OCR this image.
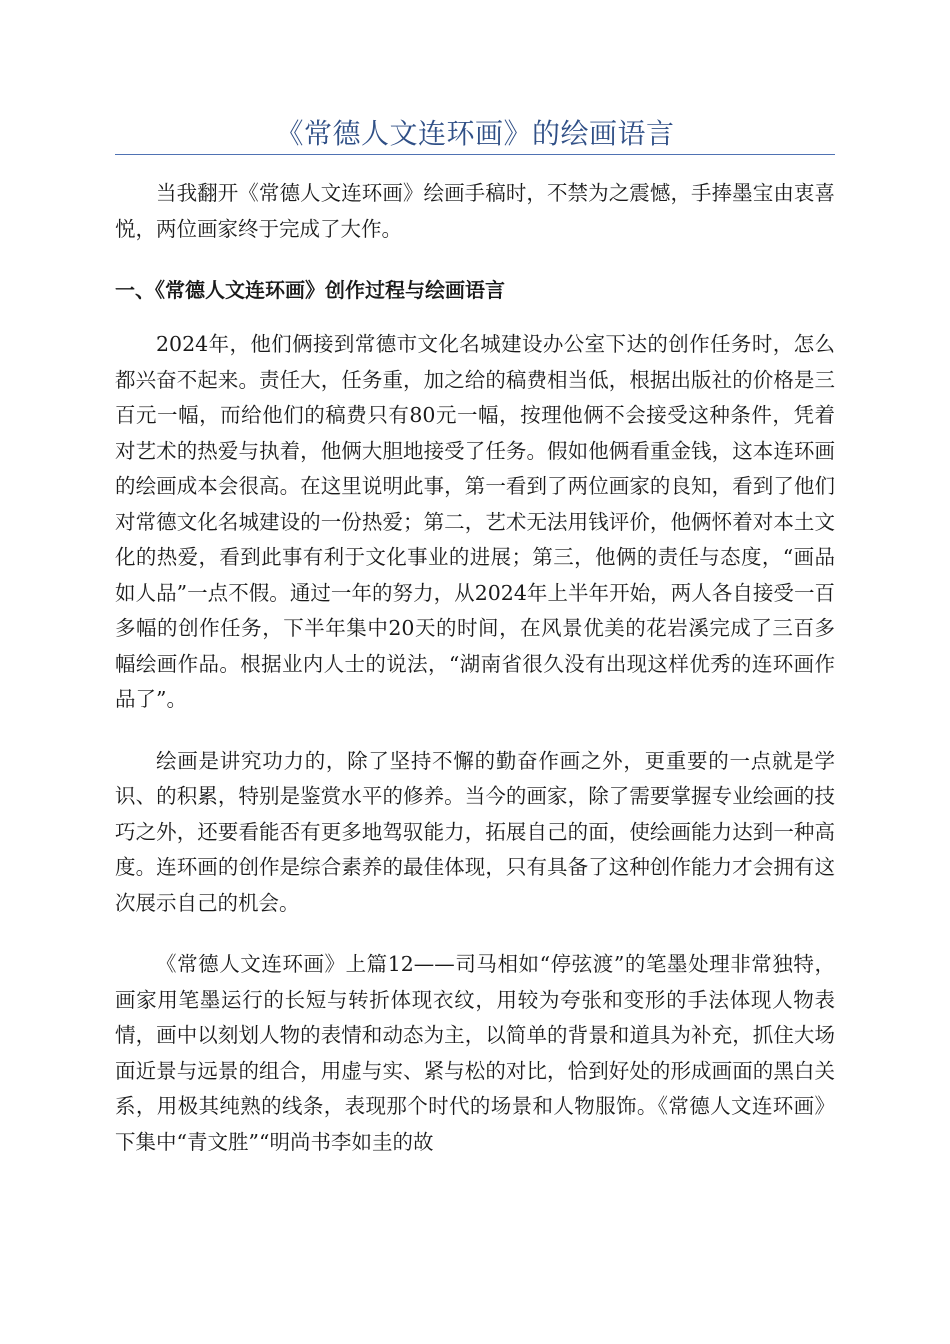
《常德人文连环画》的绘画语言

当我翻开《常德人文连环画》绘画手稿时，不禁为之震憾，手捧墨宝由衷喜悦，两位画家终于完成了大作。

一、《常德人文连环画》创作过程与绘画语言

2024年，他们俩接到常德市文化名城建设办公室下达的创作任务时，怎么都兴奋不起来。责任大，任务重，加之给的稿费相当低，根据出版社的价格是三百元一幅，而给他们的稿费只有80元一幅，按理他俩不会接受这种条件，凭着对艺术的热爱与执着，他俩大胆地接受了任务。假如他俩看重金钱，这本连环画的绘画成本会很高。在这里说明此事，第一看到了两位画家的良知，看到了他们对常德文化名城建设的一份热爱；第二，艺术无法用钱评价，他俩怀着对本土文化的热爱，看到此事有利于文化事业的进展；第三，他俩的责任与态度，“画品如人品”一点不假。通过一年的努力，从2024年上半年开始，两人各自接受一百多幅的创作任务，下半年集中20天的时间，在风景优美的花岩溪完成了三百多幅绘画作品。根据业内人士的说法，“湖南省很久没有出现这样优秀的连环画作品了”。

绘画是讲究功力的，除了坚持不懈的勤奋作画之外，更重要的一点就是学识、的积累，特别是鉴赏水平的修养。当今的画家，除了需要掌握专业绘画的技巧之外，还要看能否有更多地驾驭能力，拓展自己的面，使绘画能力达到一种高度。连环画的创作是综合素养的最佳体现，只有具备了这种创作能力才会拥有这次展示自己的机会。

《常德人文连环画》上篇12——司马相如“停弦渡”的笔墨处理非常独特，画家用笔墨运行的长短与转折体现衣纹，用较为夸张和变形的手法体现人物表情，画中以刻划人物的表情和动态为主，以简单的背景和道具为补充，抓住大场面近景与远景的组合，用虚与实、紧与松的对比，恰到好处的形成画面的黑白关系，用极其纯熟的线条，表现那个时代的场景和人物服饰。《常德人文连环画》下集中“青文胜”“明尚书李如圭的故
